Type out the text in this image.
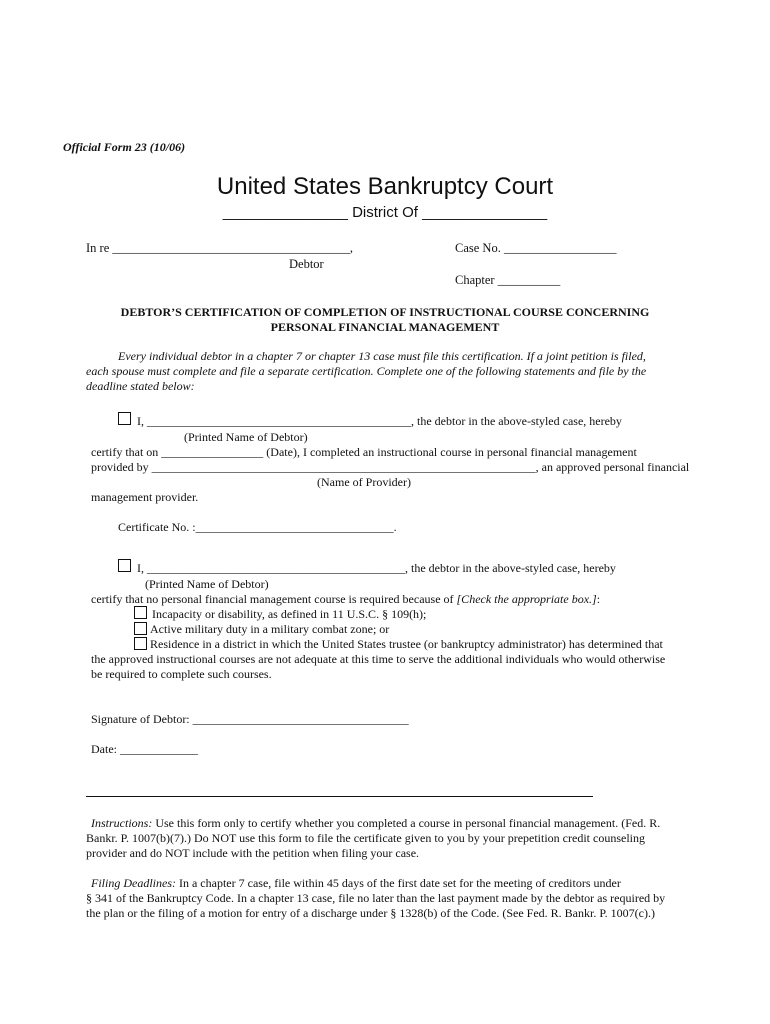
Official Form 23 (10/06)
United States Bankruptcy Court
_______________ District Of _______________
In re ______________________________________,
Debtor
Case No. __________________
Chapter __________
DEBTOR’S CERTIFICATION OF COMPLETION OF INSTRUCTIONAL COURSE CONCERNING
PERSONAL FINANCIAL MANAGEMENT
Every individual debtor in a chapter 7 or chapter 13 case must file this certification. If a joint petition is filed,
each spouse must complete and file a separate certification. Complete one of the following statements and file by the
deadline stated below:
I, ____________________________________________, the debtor in the above-styled case, hereby
(Printed Name of Debtor)
certify that on _________________ (Date), I completed an instructional course in personal financial management
provided by ________________________________________________________________, an approved personal financial
(Name of Provider)
management provider.
Certificate No. :_________________________________.
I, ___________________________________________, the debtor in the above-styled case, hereby
(Printed Name of Debtor)
certify that no personal financial management course is required because of [Check the appropriate box.]:
Incapacity or disability, as defined in 11 U.S.C. § 109(h);
Active military duty in a military combat zone; or
Residence in a district in which the United States trustee (or bankruptcy administrator) has determined that
the approved instructional courses are not adequate at this time to serve the additional individuals who would otherwise
be required to complete such courses.
Signature of Debtor: ____________________________________
Date: _____________
Instructions: Use this form only to certify whether you completed a course in personal financial management. (Fed. R.
Bankr. P. 1007(b)(7).) Do NOT use this form to file the certificate given to you by your prepetition credit counseling
provider and do NOT include with the petition when filing your case.
Filing Deadlines: In a chapter 7 case, file within 45 days of the first date set for the meeting of creditors under
§ 341 of the Bankruptcy Code. In a chapter 13 case, file no later than the last payment made by the debtor as required by
the plan or the filing of a motion for entry of a discharge under § 1328(b) of the Code. (See Fed. R. Bankr. P. 1007(c).)
